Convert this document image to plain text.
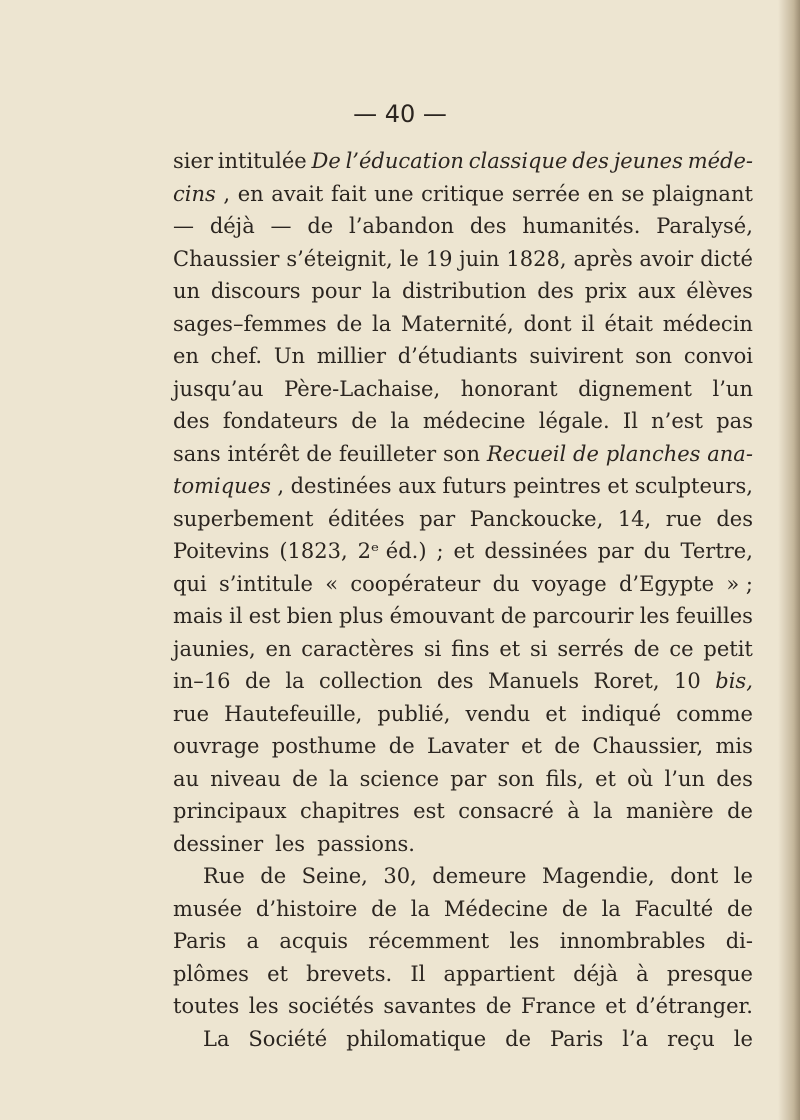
— 40 —
sier intitulée De l’éducation classique des jeunes méde-
cins , en avait fait une critique serrée en se plaignant
— déjà — de l’abandon des humanités. Paralysé,
Chaussier s’éteignit, le 19 juin 1828, après avoir dicté
un discours pour la distribution des prix aux élèves
sages–femmes de la Maternité, dont il était médecin
en chef. Un millier d’étudiants suivirent son convoi
jusqu’au Père-Lachaise, honorant dignement l’un
des fondateurs de la médecine légale. Il n’est pas
sans intérêt de feuilleter son Recueil de planches ana-
tomiques , destinées aux futurs peintres et sculpteurs,
superbement éditées par Panckoucke, 14, rue des
Poitevins (1823, 2ᵉ éd.) ; et dessinées par du Tertre,
qui s’intitule « coopérateur du voyage d’Egypte » ;
mais il est bien plus émouvant de parcourir les feuilles
jaunies, en caractères si fins et si serrés de ce petit
in–16 de la collection des Manuels Roret, 10 bis,
rue Hautefeuille, publié, vendu et indiqué comme
ouvrage posthume de Lavater et de Chaussier, mis
au niveau de la science par son fils, et où l’un des
principaux chapitres est consacré à la manière de
dessiner les passions.
Rue de Seine, 30, demeure Magendie, dont le
musée d’histoire de la Médecine de la Faculté de
Paris a acquis récemment les innombrables di-
plômes et brevets. Il appartient déjà à presque
toutes les sociétés savantes de France et d’étranger.
La Société philomatique de Paris l’a reçu le
